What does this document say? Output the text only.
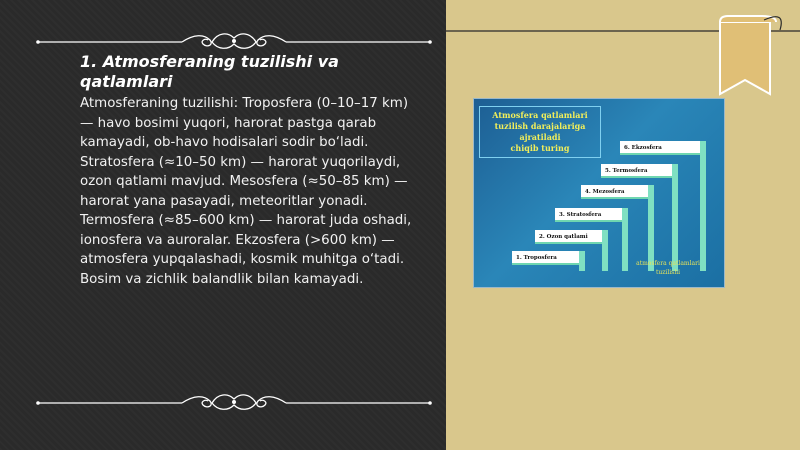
1. Atmosferaning tuzilishi va qatlamlari

Atmosferaning tuzilishi: Troposfera (0–10–17 km) — havo bosimi yuqori, harorat pastga qarab kamayadi, ob-havo hodisalari sodir bo‘ladi. Stratosfera (≈10–50 km) — harorat yuqorilaydi, ozon qatlami mavjud. Mesosfera (≈50–85 km) — harorat yana pasayadi, meteoritlar yonadi. Termosfera (≈85–600 km) — harorat juda oshadi, ionosfera va auroralar. Ekzosfera (>600 km) — atmosfera yupqalashadi, kosmik muhitga o‘tadi. Bosim va zichlik balandlik bilan kamayadi.

Atmosfera qatlamlari
tuzilish darajalariga
ajratiladi
chiqib turing
1. Troposfera
2. Ozon qatlami
3. Stratosfera
4. Mezosfera
5. Termosfera
6. Ekzosfera
atmosfera qatlamlari
tuzilishi
